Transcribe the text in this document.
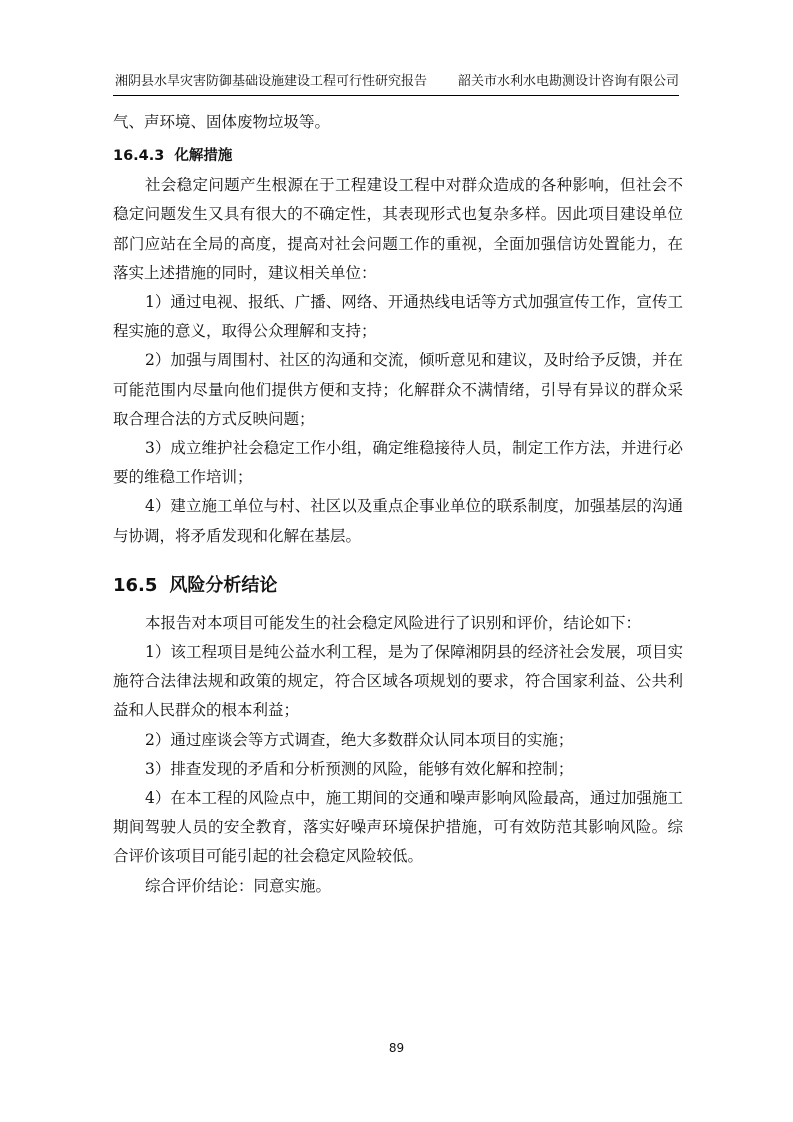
湘阴县水旱灾害防御基础设施建设工程可行性研究报告 韶关市水利水电勘测设计咨询有限公司

气、声环境、固体废物垃圾等。

16.4.3 化解措施

社会稳定问题产生根源在于工程建设工程中对群众造成的各种影响，但社会不稳定问题发生又具有很大的不确定性，其表现形式也复杂多样。因此项目建设单位部门应站在全局的高度，提高对社会问题工作的重视，全面加强信访处置能力，在落实上述措施的同时，建议相关单位：

1）通过电视、报纸、广播、网络、开通热线电话等方式加强宣传工作，宣传工程实施的意义，取得公众理解和支持；

2）加强与周围村、社区的沟通和交流，倾听意见和建议，及时给予反馈，并在可能范围内尽量向他们提供方便和支持；化解群众不满情绪，引导有异议的群众采取合理合法的方式反映问题；

3）成立维护社会稳定工作小组，确定维稳接待人员，制定工作方法，并进行必要的维稳工作培训；

4）建立施工单位与村、社区以及重点企事业单位的联系制度，加强基层的沟通与协调，将矛盾发现和化解在基层。

16.5 风险分析结论

本报告对本项目可能发生的社会稳定风险进行了识别和评价，结论如下：

1）该工程项目是纯公益水利工程，是为了保障湘阴县的经济社会发展，项目实施符合法律法规和政策的规定，符合区域各项规划的要求，符合国家利益、公共利益和人民群众的根本利益；

2）通过座谈会等方式调查，绝大多数群众认同本项目的实施；

3）排查发现的矛盾和分析预测的风险，能够有效化解和控制；

4）在本工程的风险点中，施工期间的交通和噪声影响风险最高，通过加强施工期间驾驶人员的安全教育，落实好噪声环境保护措施，可有效防范其影响风险。综合评价该项目可能引起的社会稳定风险较低。

综合评价结论：同意实施。

89
